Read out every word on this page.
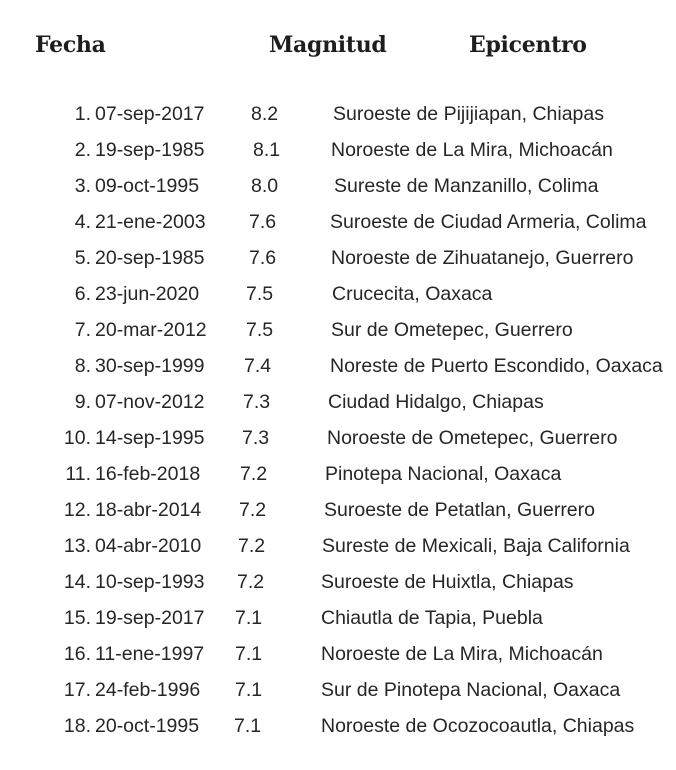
Fecha	Magnitud	Epicentro
1. 07-sep-2017 8.2	Suroeste de Pijijiapan, Chiapas
2. 19-sep-1985 8.1	Noroeste de La Mira, Michoacán
3. 09-oct-1995	8.0	Sureste de Manzanillo, Colima
4. 21-ene-2003 7.6	Suroeste de Ciudad Armeria, Colima
5. 20-sep-1985 7.6	Noroeste de Zihuatanejo, Guerrero
6. 23-jun-2020 7.5	Crucecita, Oaxaca
7. 20-mar-2012 7.5	Sur de Ometepec, Guerrero
8. 30-sep-1999 7.4	Noreste de Puerto Escondido, Oaxaca
9. 07-nov-2012 7.3	Ciudad Hidalgo, Chiapas
10. 14-sep-1995 7.3	Noroeste de Ometepec, Guerrero
11. 16-feb-2018 7.2	Pinotepa Nacional, Oaxaca
12. 18-abr-2014 7.2	Suroeste de Petatlan, Guerrero
13. 04-abr-2010 7.2	Sureste de Mexicali, Baja California
14. 10-sep-1993 7.2	Suroeste de Huixtla, Chiapas
15. 19-sep-2017 7.1	Chiautla de Tapia, Puebla
16. 11-ene-1997 7.1	Noroeste de La Mira, Michoacán
17. 24-feb-1996 7.1	Sur de Pinotepa Nacional, Oaxaca
18. 20-oct-1995 7.1	Noroeste de Ocozocoautla, Chiapas
